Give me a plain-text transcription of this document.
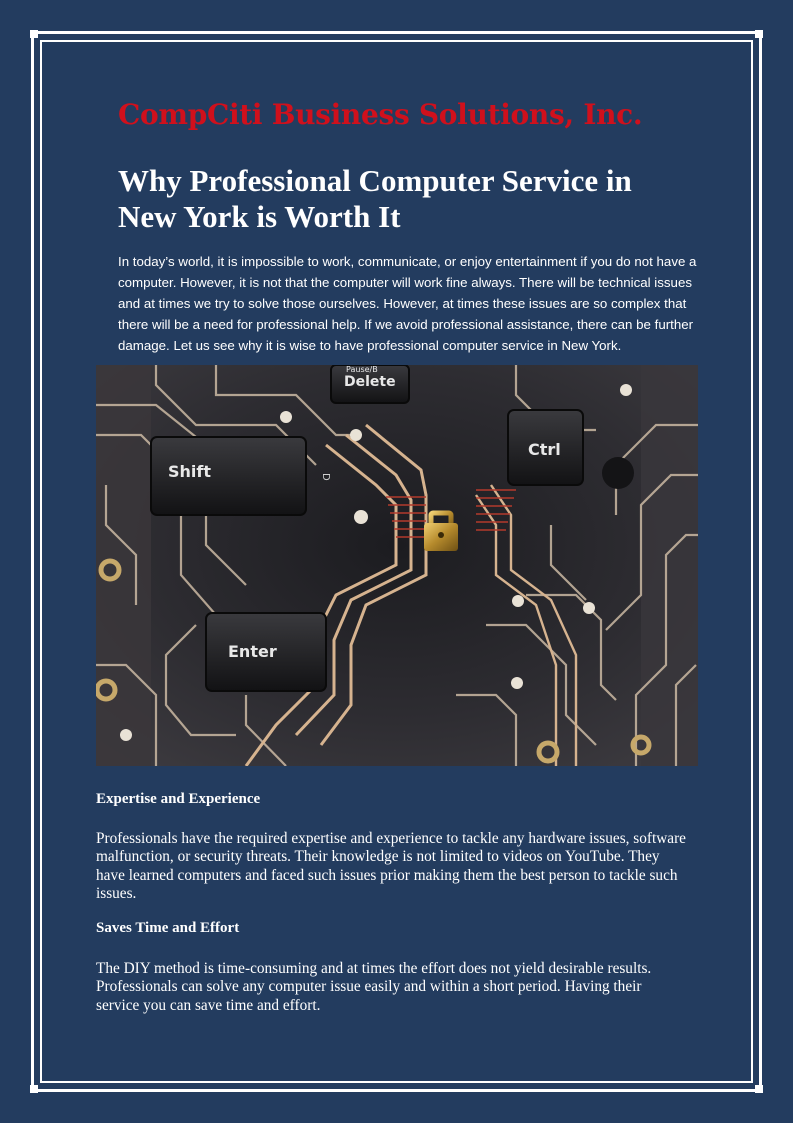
CompCiti Business Solutions, Inc.
Why Professional Computer Service in New York is Worth It

In today’s world, it is impossible to work, communicate, or enjoy entertainment if you do not have a computer. However, it is not that the computer will work fine always. There will be technical issues and at times we try to solve those ourselves. However, at times these issues are so complex that there will be a need for professional help. If we avoid professional assistance, there can be further damage. Let us see why it is wise to have professional computer service in New York.

Shift
Enter
Ctrl
Pause/B
Delete
D
Expertise and Experience

Professionals have the required expertise and experience to tackle any hardware issues, software malfunction, or security threats. Their knowledge is not limited to videos on YouTube. They have learned computers and faced such issues prior making them the best person to tackle such issues.

Saves Time and Effort

The DIY method is time-consuming and at times the effort does not yield desirable results. Professionals can solve any computer issue easily and within a short period. Having their service you can save time and effort.
